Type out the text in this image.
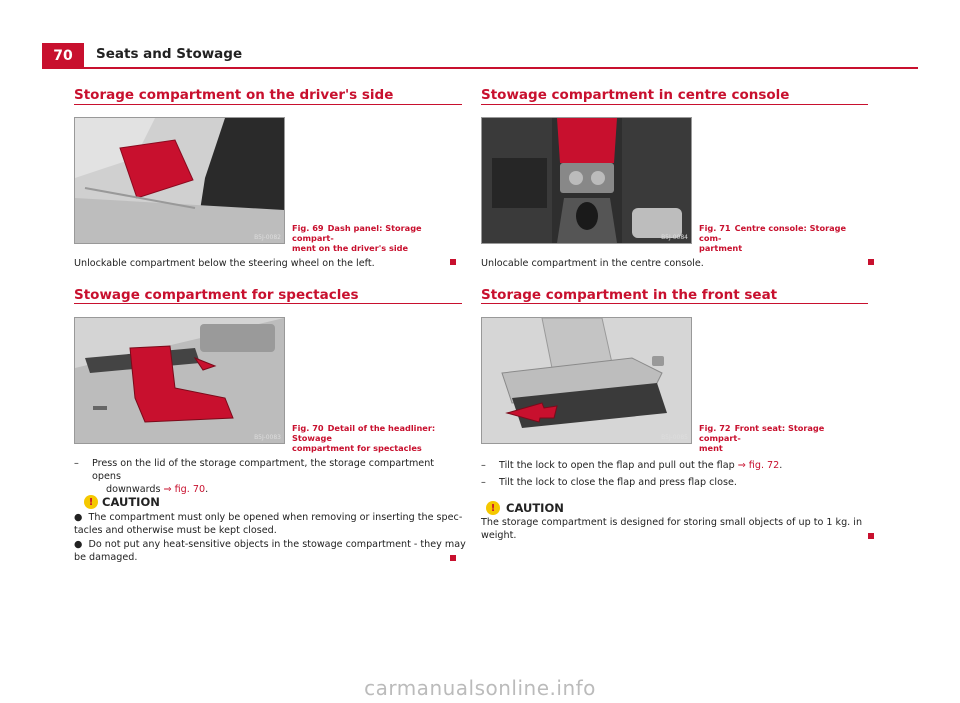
70	Seats and Stowage
Storage compartment on the driver's side
B5J-0082
Fig. 69 Dash panel: Storage compart-
ment on the driver's side
Unlockable compartment below the steering wheel on the left.
Stowage compartment for spectacles
B5J-0083
Fig. 70 Detail of the headliner: Stowage
compartment for spectacles
–	Press on the lid of the storage compartment, the storage compartment opens
downwards ⇒ fig. 70.
! CAUTION
● The compartment must only be opened when removing or inserting the spec-
tacles and otherwise must be kept closed.
● Do not put any heat-sensitive objects in the stowage compartment - they may
be damaged.
Stowage compartment in centre console
B5J-0084
Fig. 71 Centre console: Storage com-
partment
Unlocable compartment in the centre console.
Storage compartment in the front seat
B5J-0085
Fig. 72 Front seat: Storage compart-
ment
–	Tilt the lock to open the flap and pull out the flap ⇒ fig. 72.
–	Tilt the lock to close the flap and press flap close.
! CAUTION
The storage compartment is designed for storing small objects of up to 1 kg. in
weight.
carmanualsonline.info
